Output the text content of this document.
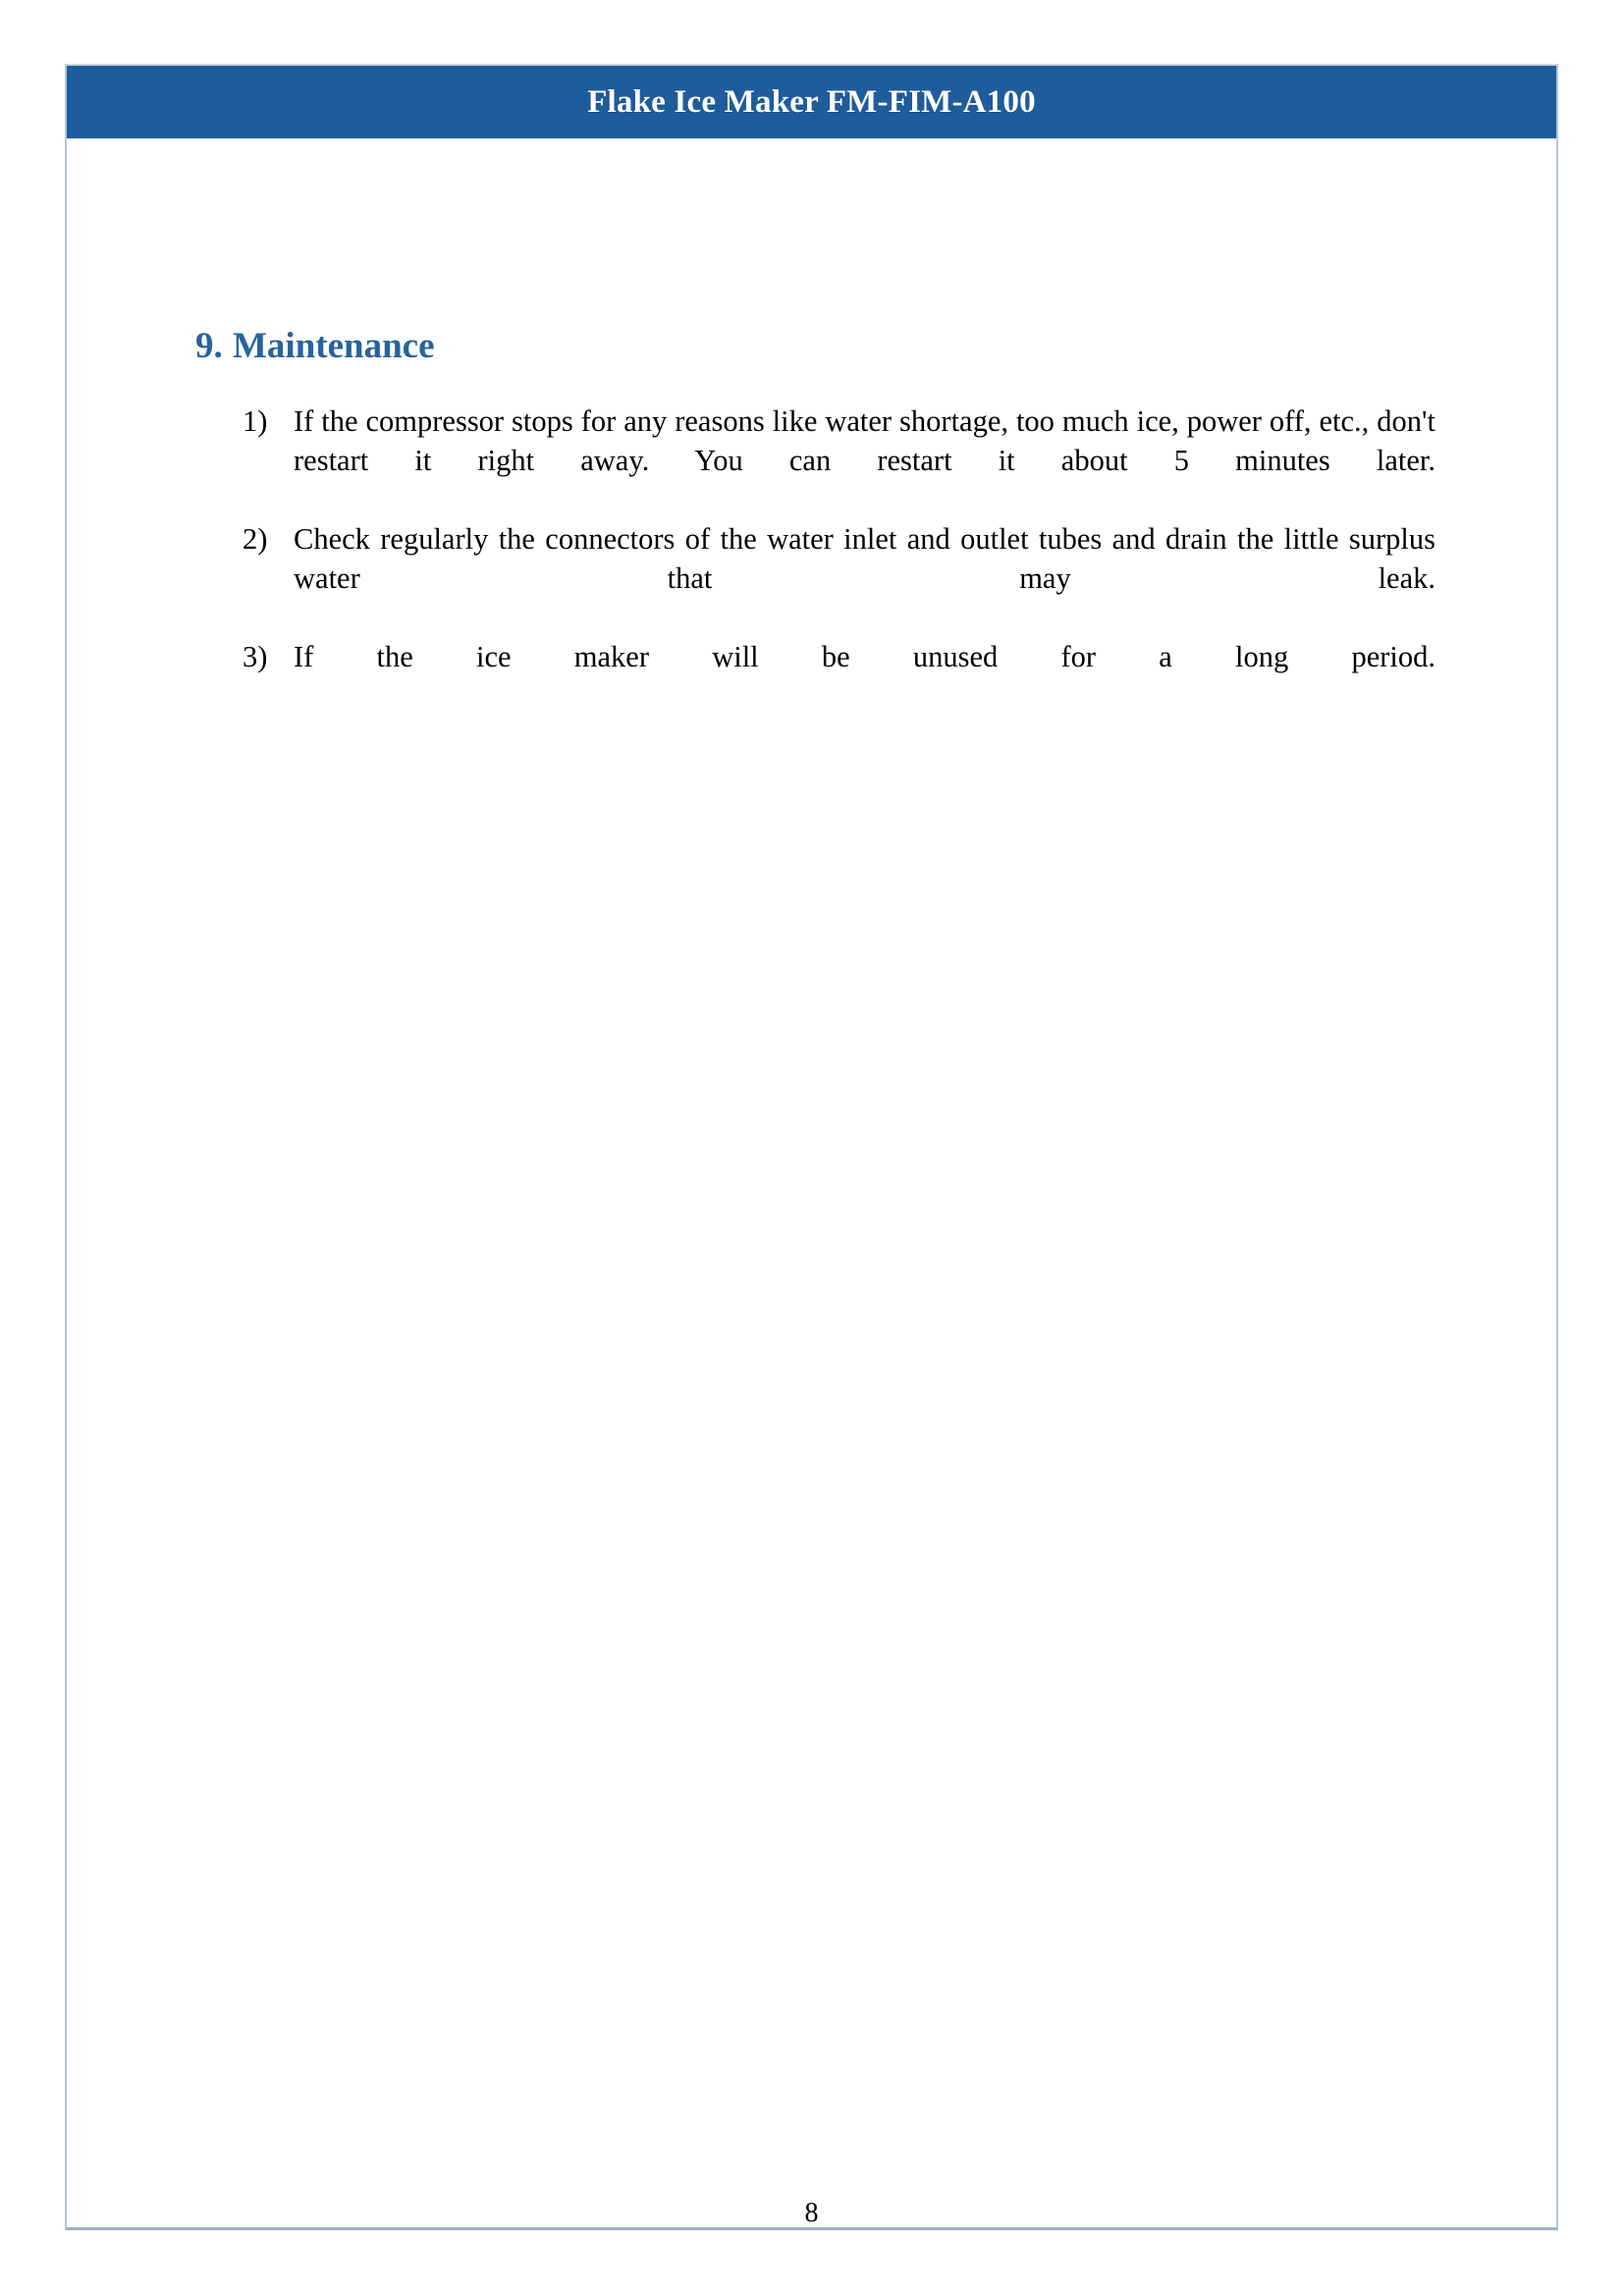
Flake Ice Maker FM-FIM-A100
9. Maintenance
1) If the compressor stops for any reasons like water shortage, too much ice, power off, etc., don't restart it right away. You can restart it about 5 minutes later.
2) Check regularly the connectors of the water inlet and outlet tubes and drain the little surplus water that may leak.
3) If the ice maker will be unused for a long period.
8
